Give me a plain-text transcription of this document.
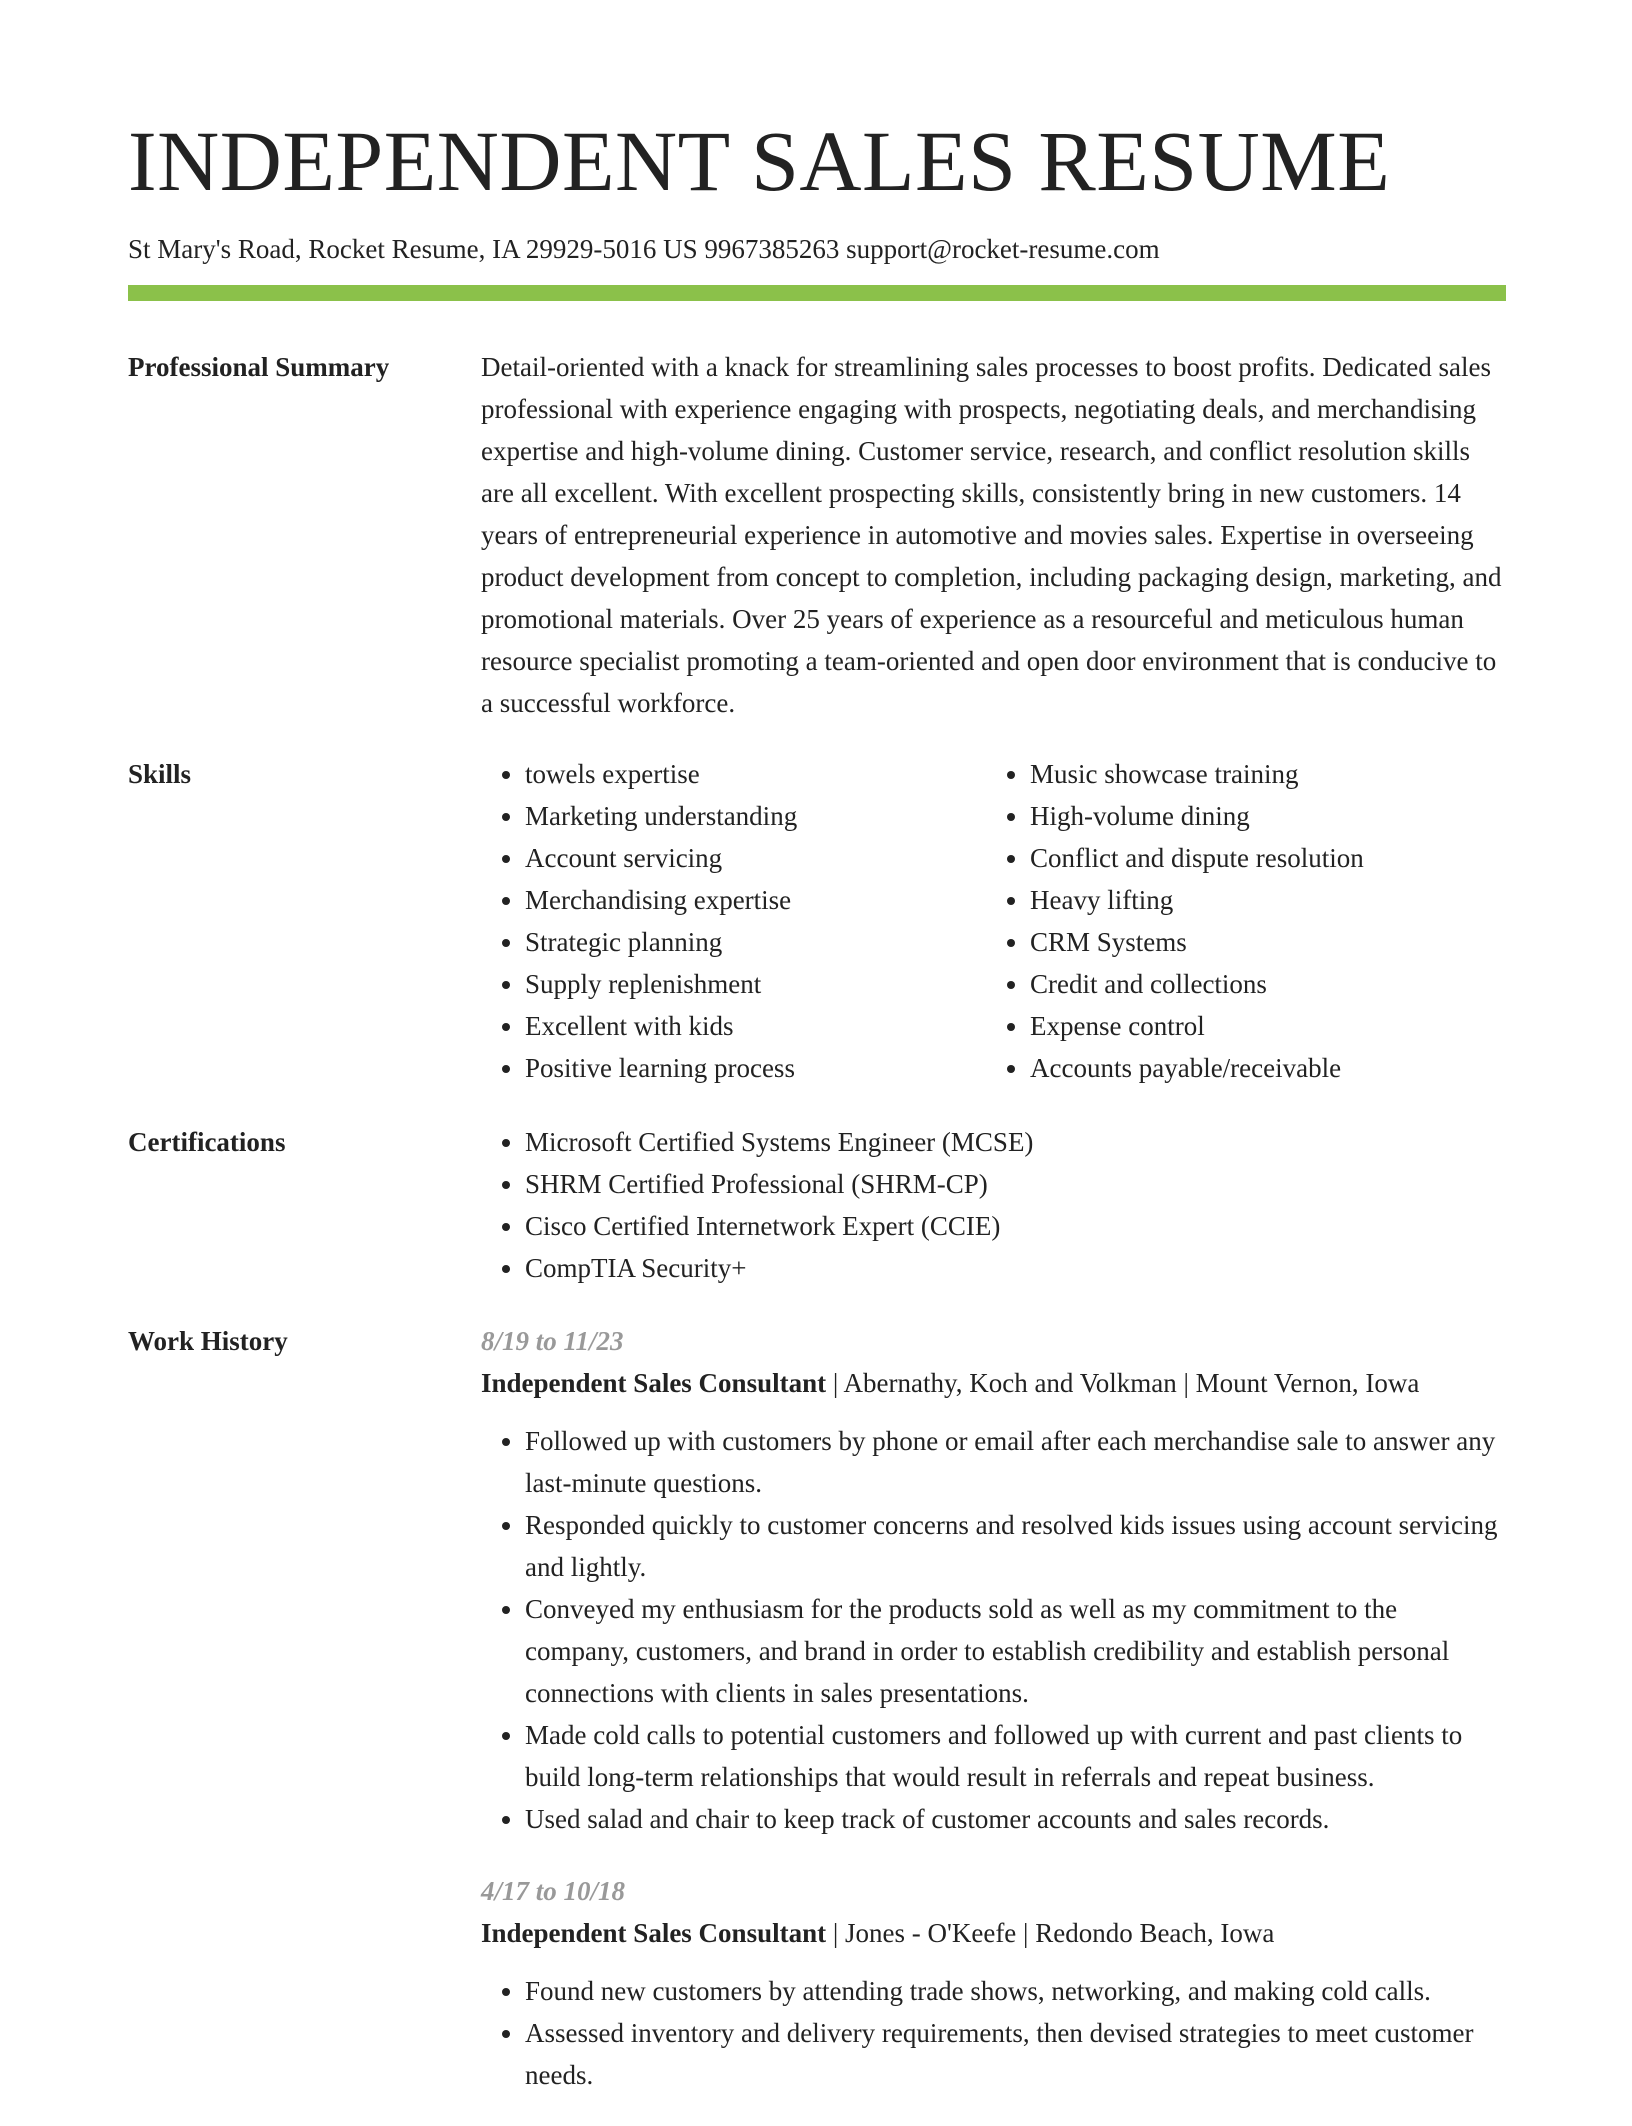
INDEPENDENT SALES RESUME
St Mary's Road, Rocket Resume, IA 29929-5016 US 9967385263 support@rocket-resume.com
Professional Summary	Detail-oriented with a knack for streamlining sales processes to boost profits. Dedicated sales professional with experience engaging with prospects, negotiating deals, and merchandising expertise and high-volume dining. Customer service, research, and conflict resolution skills are all excellent. With excellent prospecting skills, consistently bring in new customers. 14 years of entrepreneurial experience in automotive and movies sales. Expertise in overseeing product development from concept to completion, including packaging design, marketing, and promotional materials. Over 25 years of experience as a resourceful and meticulous human resource specialist promoting a team-oriented and open door environment that is conducive to a successful workforce.

Skills	• towels expertise
• Marketing understanding
• Account servicing
• Merchandising expertise
• Strategic planning
• Supply replenishment
• Excellent with kids
• Positive learning process
• Music showcase training
• High-volume dining
• Conflict and dispute resolution
• Heavy lifting
• CRM Systems
• Credit and collections
• Expense control
• Accounts payable/receivable
Certifications	• Microsoft Certified Systems Engineer (MCSE)
• SHRM Certified Professional (SHRM-CP)
• Cisco Certified Internetwork Expert (CCIE)
• CompTIA Security+
Work History	8/19 to 11/23
Independent Sales Consultant | Abernathy, Koch and Volkman | Mount Vernon, Iowa
• Followed up with customers by phone or email after each merchandise sale to answer any last-minute questions.
• Responded quickly to customer concerns and resolved kids issues using account servicing and lightly.
• Conveyed my enthusiasm for the products sold as well as my commitment to the company, customers, and brand in order to establish credibility and establish personal connections with clients in sales presentations.
• Made cold calls to potential customers and followed up with current and past clients to build long-term relationships that would result in referrals and repeat business.
• Used salad and chair to keep track of customer accounts and sales records.
4/17 to 10/18
Independent Sales Consultant | Jones - O'Keefe | Redondo Beach, Iowa
• Found new customers by attending trade shows, networking, and making cold calls.
• Assessed inventory and delivery requirements, then devised strategies to meet customer needs.
